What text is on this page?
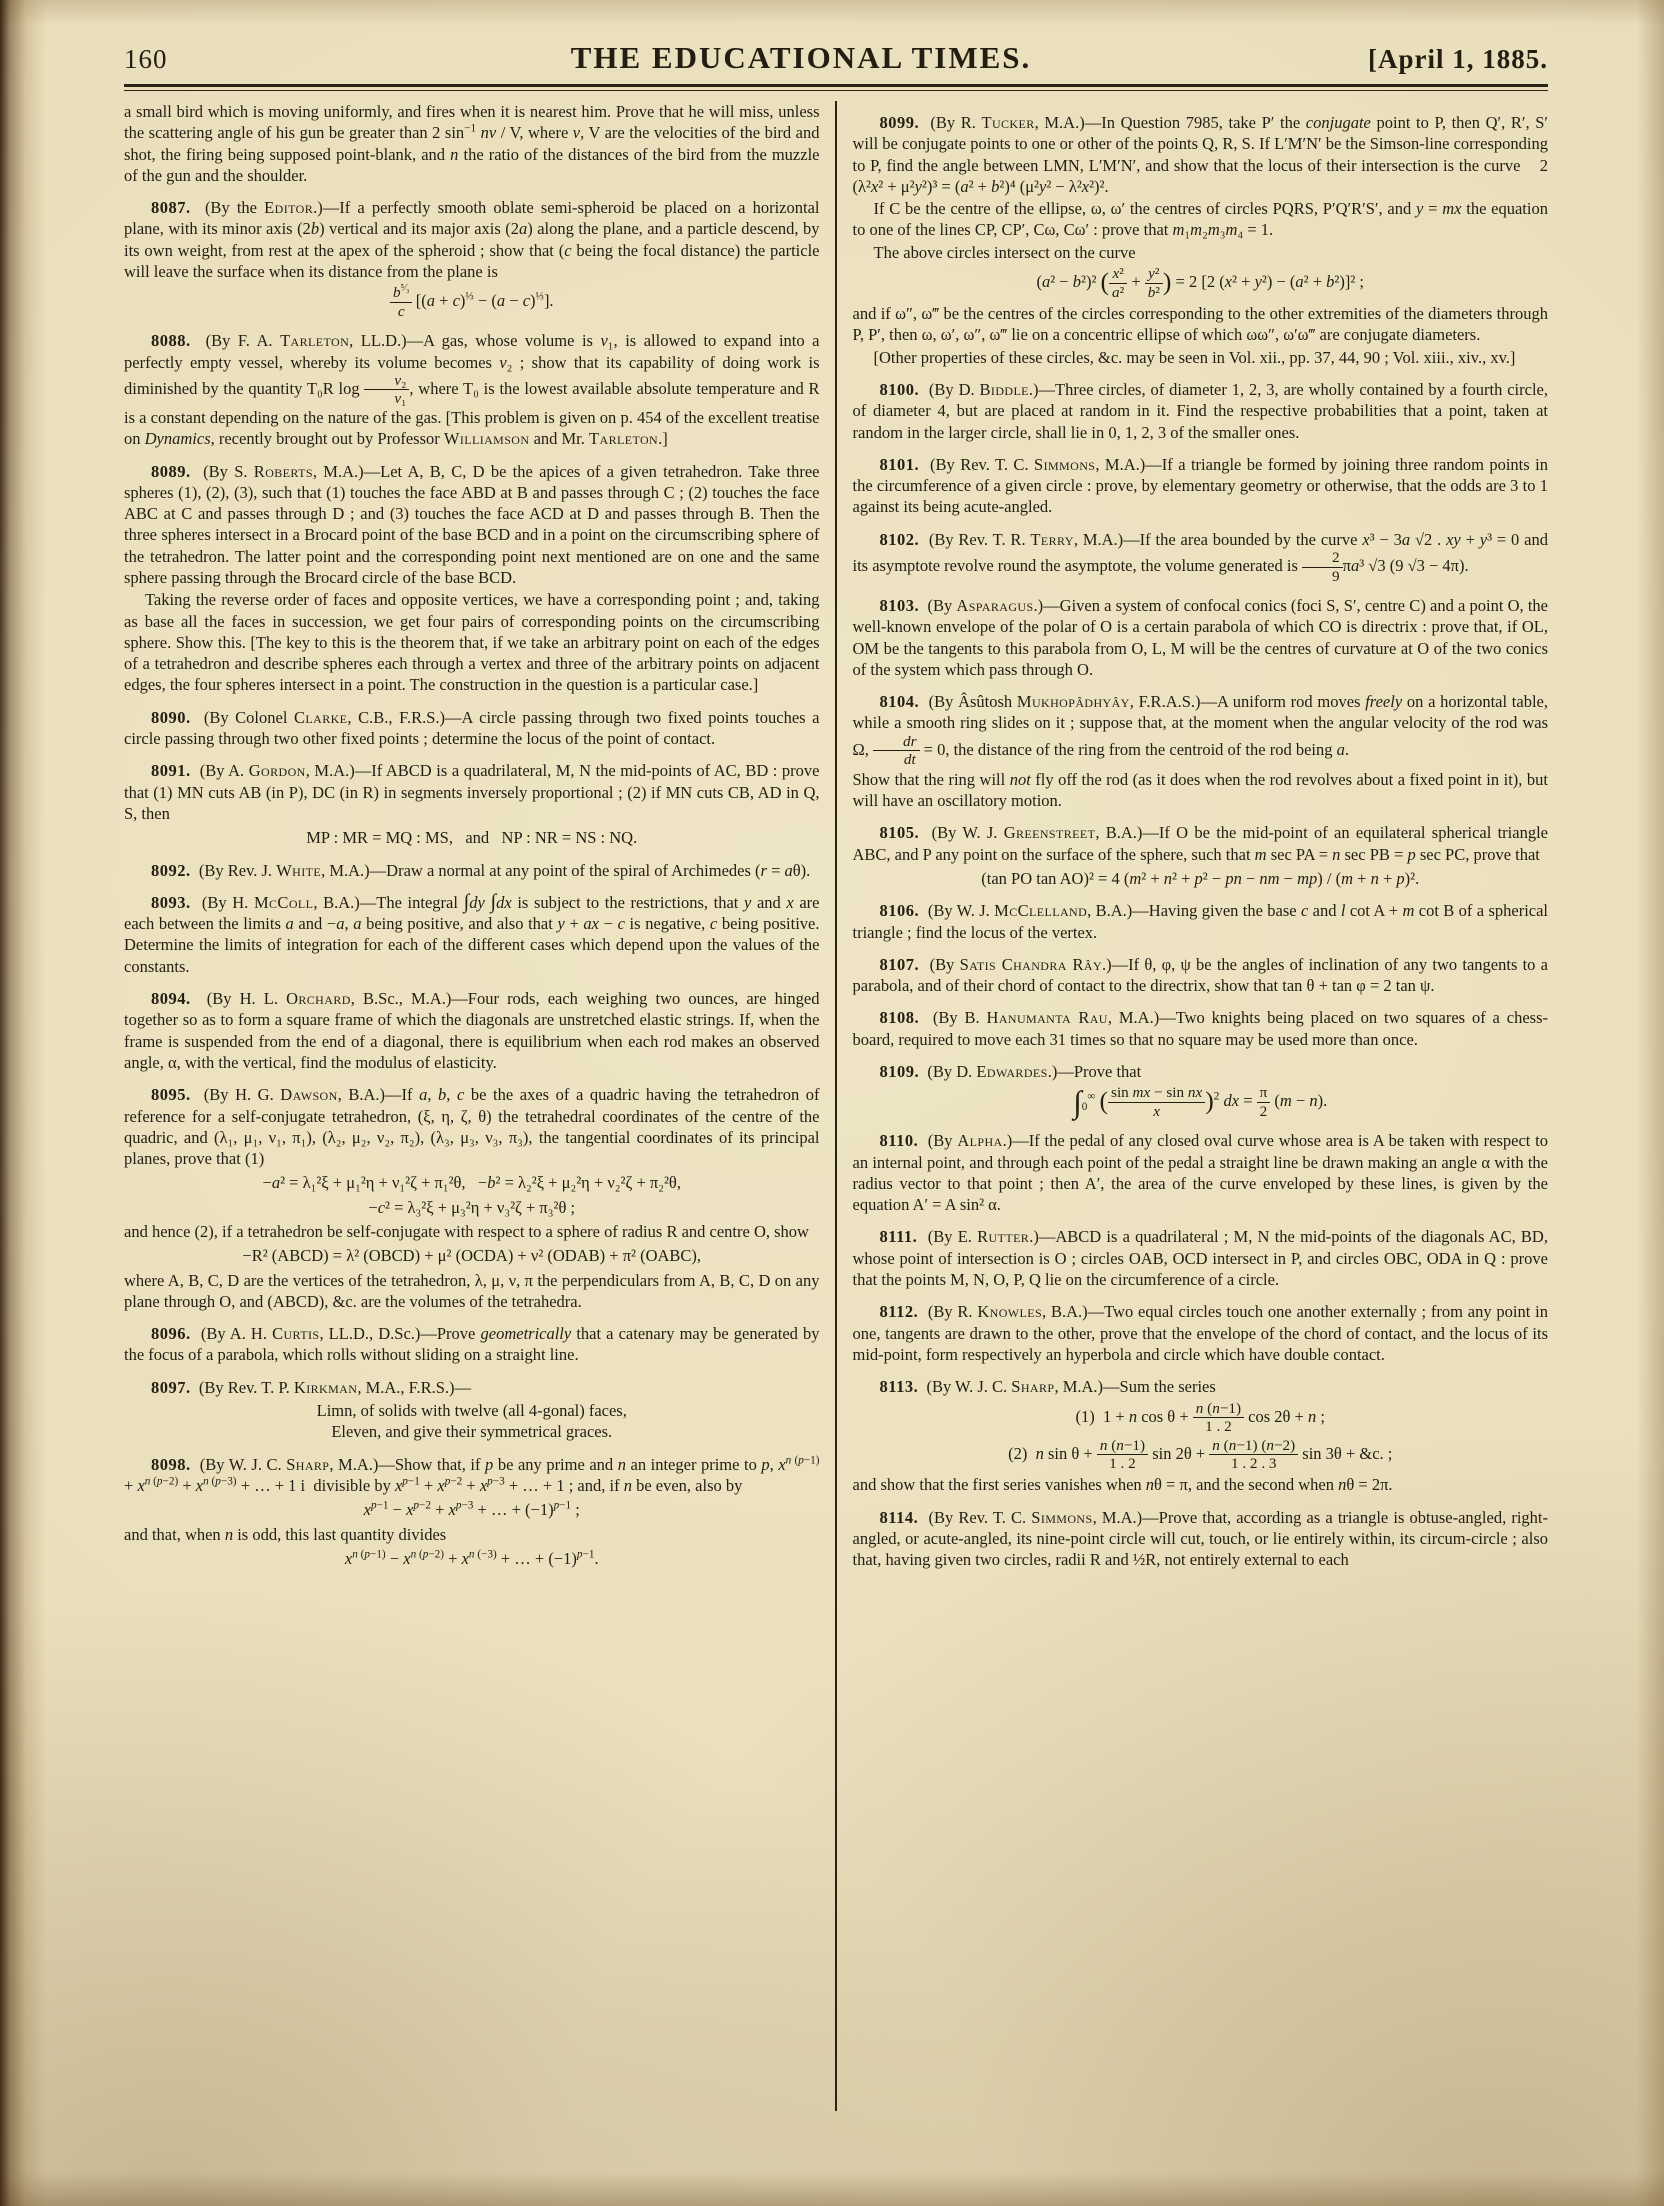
160	THE EDUCATIONAL TIMES.	[April 1, 1885.

a small bird which is moving uniformly, and fires when it is nearest him. Prove that he will miss, unless the scattering angle of his gun be greater than 2 $\sin^{-1}$ nv / V, where v, V are the velocities of the bird and shot, the firing being supposed point-blank, and n the ratio of the distances of the bird from the muzzle of the gun and the shoulder.

8087.  (By the Editor.)—If a perfectly smooth oblate semi-spheroid be placed on a horizontal plane, with its minor axis (2b) vertical and its major axis (2a) along the plane, and a particle descend, by its own weight, from rest at the apex of the spheroid ; show that (c being the focal distance) the particle will leave the surface when its distance from the plane is

$\frac{b^{^5⁄_3}}{c} [(a + c)^{\frac{1}{3}} - (a - c)^{\frac{1}{3}}]$.

8088.  (By F. A. Tarleton, LL.D.)—A gas, whose volume is v₁, is allowed to expand into a perfectly empty vessel, whereby its volume becomes v₂ ; show that its capability of doing work is diminished by the quantity T₀R $\log \frac{\text{v₂}}{\text{v₁}}$ , where T₀ is the lowest available absolute temperature and R is a constant depending on the nature of the gas. [This problem is given on p. 454 of the excellent treatise on Dynamics, recently brought out by Professor Williamson and Mr. Tarleton.]

8089.  (By S. Roberts, M.A.)—Let A, B, C, D be the apices of a given tetrahedron. Take three spheres (1), (2), (3), such that (1) touches the face ABD at B and passes through C ; (2) touches the face ABC at C and passes through D ; and (3) touches the face ACD at D and passes through B. Then the three spheres intersect in a Brocard point of the base BCD and in a point on the circumscribing sphere of the tetrahedron. The latter point and the corresponding point next mentioned are on one and the same sphere passing through the Brocard circle of the base BCD.

Taking the reverse order of faces and opposite vertices, we have a corresponding point ; and, taking as base all the faces in succession, we get four pairs of corresponding points on the circumscribing sphere. Show this. [The key to this is the theorem that, if we take an arbitrary point on each of the edges of a tetrahedron and describe spheres each through a vertex and three of the arbitrary points on adjacent edges, the four spheres intersect in a point. The construction in the question is a particular case.]

8090.  (By Colonel Clarke, C.B., F.R.S.)—A circle passing through two fixed points touches a circle passing through two other fixed points ; determine the locus of the point of contact.

8091.  (By A. Gordon, M.A.)—If ABCD is a quadrilateral, M, N the mid-points of AC, BD : prove that (1) MN cuts AB (in P), DC (in R) in segments inversely proportional ; (2) if MN cuts CB, AD in Q, S, then

MP : MR = MQ : MS,   and   NP : NR = NS : NQ.

8092.  (By Rev. J. White, M.A.)—Draw a normal at any point of the spiral of Archimedes (r = aθ).

8093.  (By H. McColl, B.A.)—The integral ∫dy ∫dx is subject to the restrictions, that y and x are each between the limits a and −a, a being positive, and also that y + ax − c is negative, c being positive. Determine the limits of integration for each of the different cases which depend upon the values of the constants.

8094.  (By H. L. Orchard, B.Sc., M.A.)—Four rods, each weighing two ounces, are hinged together so as to form a square frame of which the diagonals are unstretched elastic strings. If, when the frame is suspended from the end of a diagonal, there is equilibrium when each rod makes an observed angle, α, with the vertical, find the modulus of elasticity.

8095.  (By H. G. Dawson, B.A.)—If a, b, c be the axes of a quadric having the tetrahedron of reference for a self-conjugate tetrahedron, (ξ, η, ζ, θ) the tetrahedral coordinates of the centre of the quadric, and (λ₁, μ₁, ν₁, π₁), (λ₂, μ₂, ν₂, π₂), (λ₃, μ₃, ν₃, π₃), the tangential coordinates of its principal planes, prove that (1)

−a² = λ₁²ξ + μ₁²η + ν₁²ζ + π₁²θ,   −b² = λ₂²ξ + μ₂²η + ν₂²ζ + π₂²θ,
−c² = λ₃²ξ + μ₃²η + ν₃²ζ + π₃²θ ;

and hence (2), if a tetrahedron be self-conjugate with respect to a sphere of radius R and centre O, show

−R² (ABCD) = λ² (OBCD) + μ² (OCDA) + ν² (ODAB) + π² (OABC),

where A, B, C, D are the vertices of the tetrahedron, λ, μ, ν, π the perpendiculars from A, B, C, D on any plane through O, and (ABCD), &c. are the volumes of the tetrahedra.

8096.  (By A. H. Curtis, LL.D., D.Sc.)—Prove geometrically that a catenary may be generated by the focus of a parabola, which rolls without sliding on a straight line.

8097.  (By Rev. T. P. Kirkman, M.A., F.R.S.)—

Limn, of solids with twelve (all 4-gonal) faces,
Eleven, and give their symmetrical graces.

8098.  (By W. J. C. Sharp, M.A.)—Show that, if p be any prime and n an integer prime to p, $x^{n (p-1)} + x^{n (p-2)} + x^{n (p-3)}$ + … + 1 i  divisible by $x^{p-1} + x^{p-2} + x^{p-3}$ + … + 1 ; and, if n be even, also by

$x^{p-1} - x^{p-2} + x^{p-3}$ + … + $(-1)^{p-1}$ ;

and that, when n is odd, this last quantity divides

$x^{n (p-1)} - x^{n (p-2)} + x^{n (-3)}$ + … + $(-1)^{p-1}$.

8099.  (By R. Tucker, M.A.)—In Question 7985, take P′ the conjugate point to P, then Q′, R′, S′ will be conjugate points to one or other of the points Q, R, S. If L′M′N′ be the Simson-line corresponding to P, find the angle between LMN, L′M′N′, and show that the locus of their intersection is the curve    2 (λ²x² + μ²y²)³ = (a² + b²)⁴ (μ²y² − λ²x²)².

If C be the centre of the ellipse, ω, ω′ the centres of circles PQRS, P′Q′R′S′, and y = mx the equation to one of the lines CP, CP′, Cω, Cω′ : prove that m₁m₂m₃m₄ = 1.

The above circles intersect on the curve

(a² − b²)² ( $\frac{\text{x²}}{\text{a²}} + \frac{\text{y²}}{\text{b²}}$ ) = 2 [2 (x² + y²) − (a² + b²)]² ;

and if ω″, ω‴ be the centres of the circles corresponding to the other extremities of the diameters through P, P′, then ω, ω′, ω″, ω‴ lie on a concentric ellipse of which ωω″, ω′ω‴ are conjugate diameters.

[Other properties of these circles, &c. may be seen in Vol. xii., pp. 37, 44, 90 ; Vol. xiii., xiv., xv.]

8100.  (By D. Biddle.)—Three circles, of diameter 1, 2, 3, are wholly contained by a fourth circle, of diameter 4, but are placed at random in it. Find the respective probabilities that a point, taken at random in the larger circle, shall lie in 0, 1, 2, 3 of the smaller ones.

8101.  (By Rev. T. C. Simmons, M.A.)—If a triangle be formed by joining three random points in the circumference of a given circle : prove, by elementary geometry or otherwise, that the odds are 3 to 1 against its being acute-angled.

8102.  (By Rev. T. R. Terry, M.A.)—If the area bounded by the curve x³ − 3a √2 . xy + y³ = 0 and its asymptote revolve round the asymptote, the volume generated is $\frac{2}{9} \pi a^3$ √3 (9 √3 − 4π).

8103.  (By Asparagus.)—Given a system of confocal conics (foci S, S′, centre C) and a point O, the well-known envelope of the polar of O is a certain parabola of which CO is directrix : prove that, if OL, OM be the tangents to this parabola from O, L, M will be the centres of curvature at O of the two conics of the system which pass through O.

8104.  (By Âsûtosh Mukhopâdhyây, F.R.A.S.)—A uniform rod moves freely on a horizontal table, while a smooth ring slides on it ; suppose that, at the moment when the angular velocity of the rod was Ω, $\frac{dr}{dt} = 0$, the distance of the ring from the centroid of the rod being a.

Show that the ring will not fly off the rod (as it does when the rod revolves about a fixed point in it), but will have an oscillatory motion.

8105.  (By W. J. Greenstreet, B.A.)—If O be the mid-point of an equilateral spherical triangle ABC, and P any point on the surface of the sphere, such that m sec PA = n sec PB = p sec PC, prove that

(tan PO tan AO)² = 4 (m² + n² + p² − pn − nm − mp) / (m + n + p)².

8106.  (By W. J. McClelland, B.A.)—Having given the base c and l cot A + m cot B of a spherical triangle ; find the locus of the vertex.

8107.  (By Satis Chandra Rây.)—If θ, φ, ψ be the angles of inclination of any two tangents to a parabola, and of their chord of contact to the directrix, show that tan θ + tan φ = 2 tan ψ.

8108.  (By B. Hanumanta Rau, M.A.)—Two knights being placed on two squares of a chess-board, required to move each 31 times so that no square may be used more than once.

8109.  (By D. Edwardes.)—Prove that

$\int_0^\infty$ ( $\frac{\text{sin mx − sin nx}}{x} )^2$ dx = $\frac{\pi}{2} (m - n)$.

8110.  (By Alpha.)—If the pedal of any closed oval curve whose area is A be taken with respect to an internal point, and through each point of the pedal a straight line be drawn making an angle α with the radius vector to that point ; then A′, the area of the curve enveloped by these lines, is given by the equation A′ = A sin² α.

8111.  (By E. Rutter.)—ABCD is a quadrilateral ; M, N the mid-points of the diagonals AC, BD, whose point of intersection is O ; circles OAB, OCD intersect in P, and circles OBC, ODA in Q : prove that the points M, N, O, P, Q lie on the circumference of a circle.

8112.  (By R. Knowles, B.A.)—Two equal circles touch one another externally ; from any point in one, tangents are drawn to the other, prove that the envelope of the chord of contact, and the locus of its mid-point, form respectively an hyperbola and circle which have double contact.

8113.  (By W. J. C. Sharp, M.A.)—Sum the series

(1)  1 + n $\cos \theta + \frac{n (n-1)}{1 . 2}$ cos 2θ + n ;
(2)  n $\sin \theta + \frac{n (n-1)}{1 . 2}$ $\sin 2\theta + \frac{n (n-1) (n-2)}{1 . 2 . 3}$ sin 3θ + &c. ;

and show that the first series vanishes when nθ = π, and the second when nθ = 2π.

8114.  (By Rev. T. C. Simmons, M.A.)—Prove that, according as a triangle is obtuse-angled, right-angled, or acute-angled, its nine-point circle will cut, touch, or lie entirely within, its circum-circle ; also that, having given two circles, radii R and ½R, not entirely external to each
